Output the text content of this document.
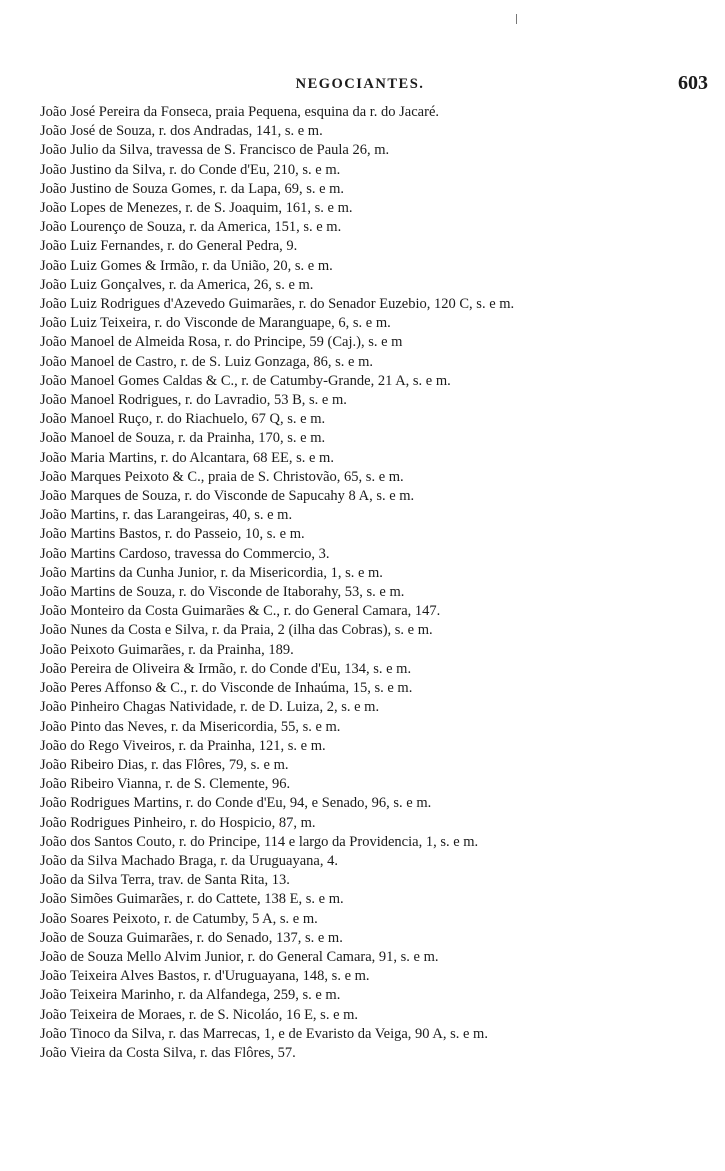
NEGOCIANTES.	603
João José Pereira da Fonseca, praia Pequena, esquina da r. do Jacaré.
João José de Souza, r. dos Andradas, 141, s. e m.
João Julio da Silva, travessa de S. Francisco de Paula 26, m.
João Justino da Silva, r. do Conde d'Eu, 210, s. e m.
João Justino de Souza Gomes, r. da Lapa, 69, s. e m.
João Lopes de Menezes, r. de S. Joaquim, 161, s. e m.
João Lourenço de Souza, r. da America, 151, s. e m.
João Luiz Fernandes, r. do General Pedra, 9.
João Luiz Gomes & Irmão, r. da União, 20, s. e m.
João Luiz Gonçalves, r. da America, 26, s. e m.
João Luiz Rodrigues d'Azevedo Guimarães, r. do Senador Euzebio, 120 C, s. e m.
João Luiz Teixeira, r. do Visconde de Maranguape, 6, s. e m.
João Manoel de Almeida Rosa, r. do Principe, 59 (Caj.), s. e m
João Manoel de Castro, r. de S. Luiz Gonzaga, 86, s. e m.
João Manoel Gomes Caldas & C., r. de Catumby-Grande, 21 A, s. e m.
João Manoel Rodrigues, r. do Lavradio, 53 B, s. e m.
João Manoel Ruço, r. do Riachuelo, 67 Q, s. e m.
João Manoel de Souza, r. da Prainha, 170, s. e m.
João Maria Martins, r. do Alcantara, 68 EE, s. e m.
João Marques Peixoto & C., praia de S. Christovão, 65, s. e m.
João Marques de Souza, r. do Visconde de Sapucahy 8 A, s. e m.
João Martins, r. das Larangeiras, 40, s. e m.
João Martins Bastos, r. do Passeio, 10, s. e m.
João Martins Cardoso, travessa do Commercio, 3.
João Martins da Cunha Junior, r. da Misericordia, 1, s. e m.
João Martins de Souza, r. do Visconde de Itaborahy, 53, s. e m.
João Monteiro da Costa Guimarães & C., r. do General Camara, 147.
João Nunes da Costa e Silva, r. da Praia, 2 (ilha das Cobras), s. e m.
João Peixoto Guimarães, r. da Prainha, 189.
João Pereira de Oliveira & Irmão, r. do Conde d'Eu, 134, s. e m.
João Peres Affonso & C., r. do Visconde de Inhaúma, 15, s. e m.
João Pinheiro Chagas Natividade, r. de D. Luiza, 2, s. e m.
João Pinto das Neves, r. da Misericordia, 55, s. e m.
João do Rego Viveiros, r. da Prainha, 121, s. e m.
João Ribeiro Dias, r. das Flôres, 79, s. e m.
João Ribeiro Vianna, r. de S. Clemente, 96.
João Rodrigues Martins, r. do Conde d'Eu, 94, e Senado, 96, s. e m.
João Rodrigues Pinheiro, r. do Hospicio, 87, m.
João dos Santos Couto, r. do Principe, 114 e largo da Providencia, 1, s. e m.
João da Silva Machado Braga, r. da Uruguayana, 4.
João da Silva Terra, trav. de Santa Rita, 13.
João Simões Guimarães, r. do Cattete, 138 E, s. e m.
João Soares Peixoto, r. de Catumby, 5 A, s. e m.
João de Souza Guimarães, r. do Senado, 137, s. e m.
João de Souza Mello Alvim Junior, r. do General Camara, 91, s. e m.
João Teixeira Alves Bastos, r. d'Uruguayana, 148, s. e m.
João Teixeira Marinho, r. da Alfandega, 259, s. e m.
João Teixeira de Moraes, r. de S. Nicoláo, 16 E, s. e m.
João Tinoco da Silva, r. das Marrecas, 1, e de Evaristo da Veiga, 90 A, s. e m.
João Vieira da Costa Silva, r. das Flôres, 57.
